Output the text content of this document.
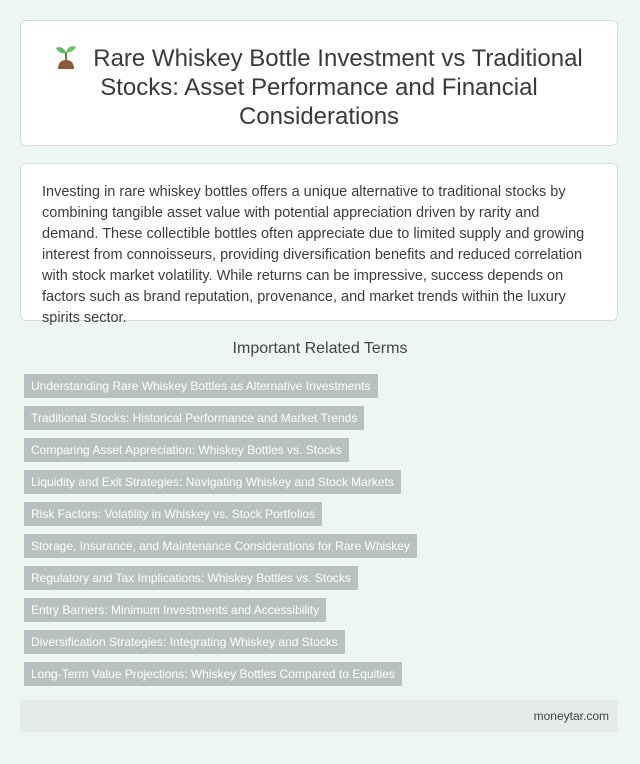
Rare Whiskey Bottle Investment vs Traditional Stocks: Asset Performance and Financial Considerations

Investing in rare whiskey bottles offers a unique alternative to traditional stocks by combining tangible asset value with potential appreciation driven by rarity and demand. These collectible bottles often appreciate due to limited supply and growing interest from connoisseurs, providing diversification benefits and reduced correlation with stock market volatility. While returns can be impressive, success depends on factors such as brand reputation, provenance, and market trends within the luxury spirits sector.

Important Related Terms
Understanding Rare Whiskey Bottles as Alternative Investments
Traditional Stocks: Historical Performance and Market Trends
Comparing Asset Appreciation: Whiskey Bottles vs. Stocks
Liquidity and Exit Strategies: Navigating Whiskey and Stock Markets
Risk Factors: Volatility in Whiskey vs. Stock Portfolios
Storage, Insurance, and Maintenance Considerations for Rare Whiskey
Regulatory and Tax Implications: Whiskey Bottles vs. Stocks
Entry Barriers: Minimum Investments and Accessibility
Diversification Strategies: Integrating Whiskey and Stocks
Long-Term Value Projections: Whiskey Bottles Compared to Equities
moneytar.com
